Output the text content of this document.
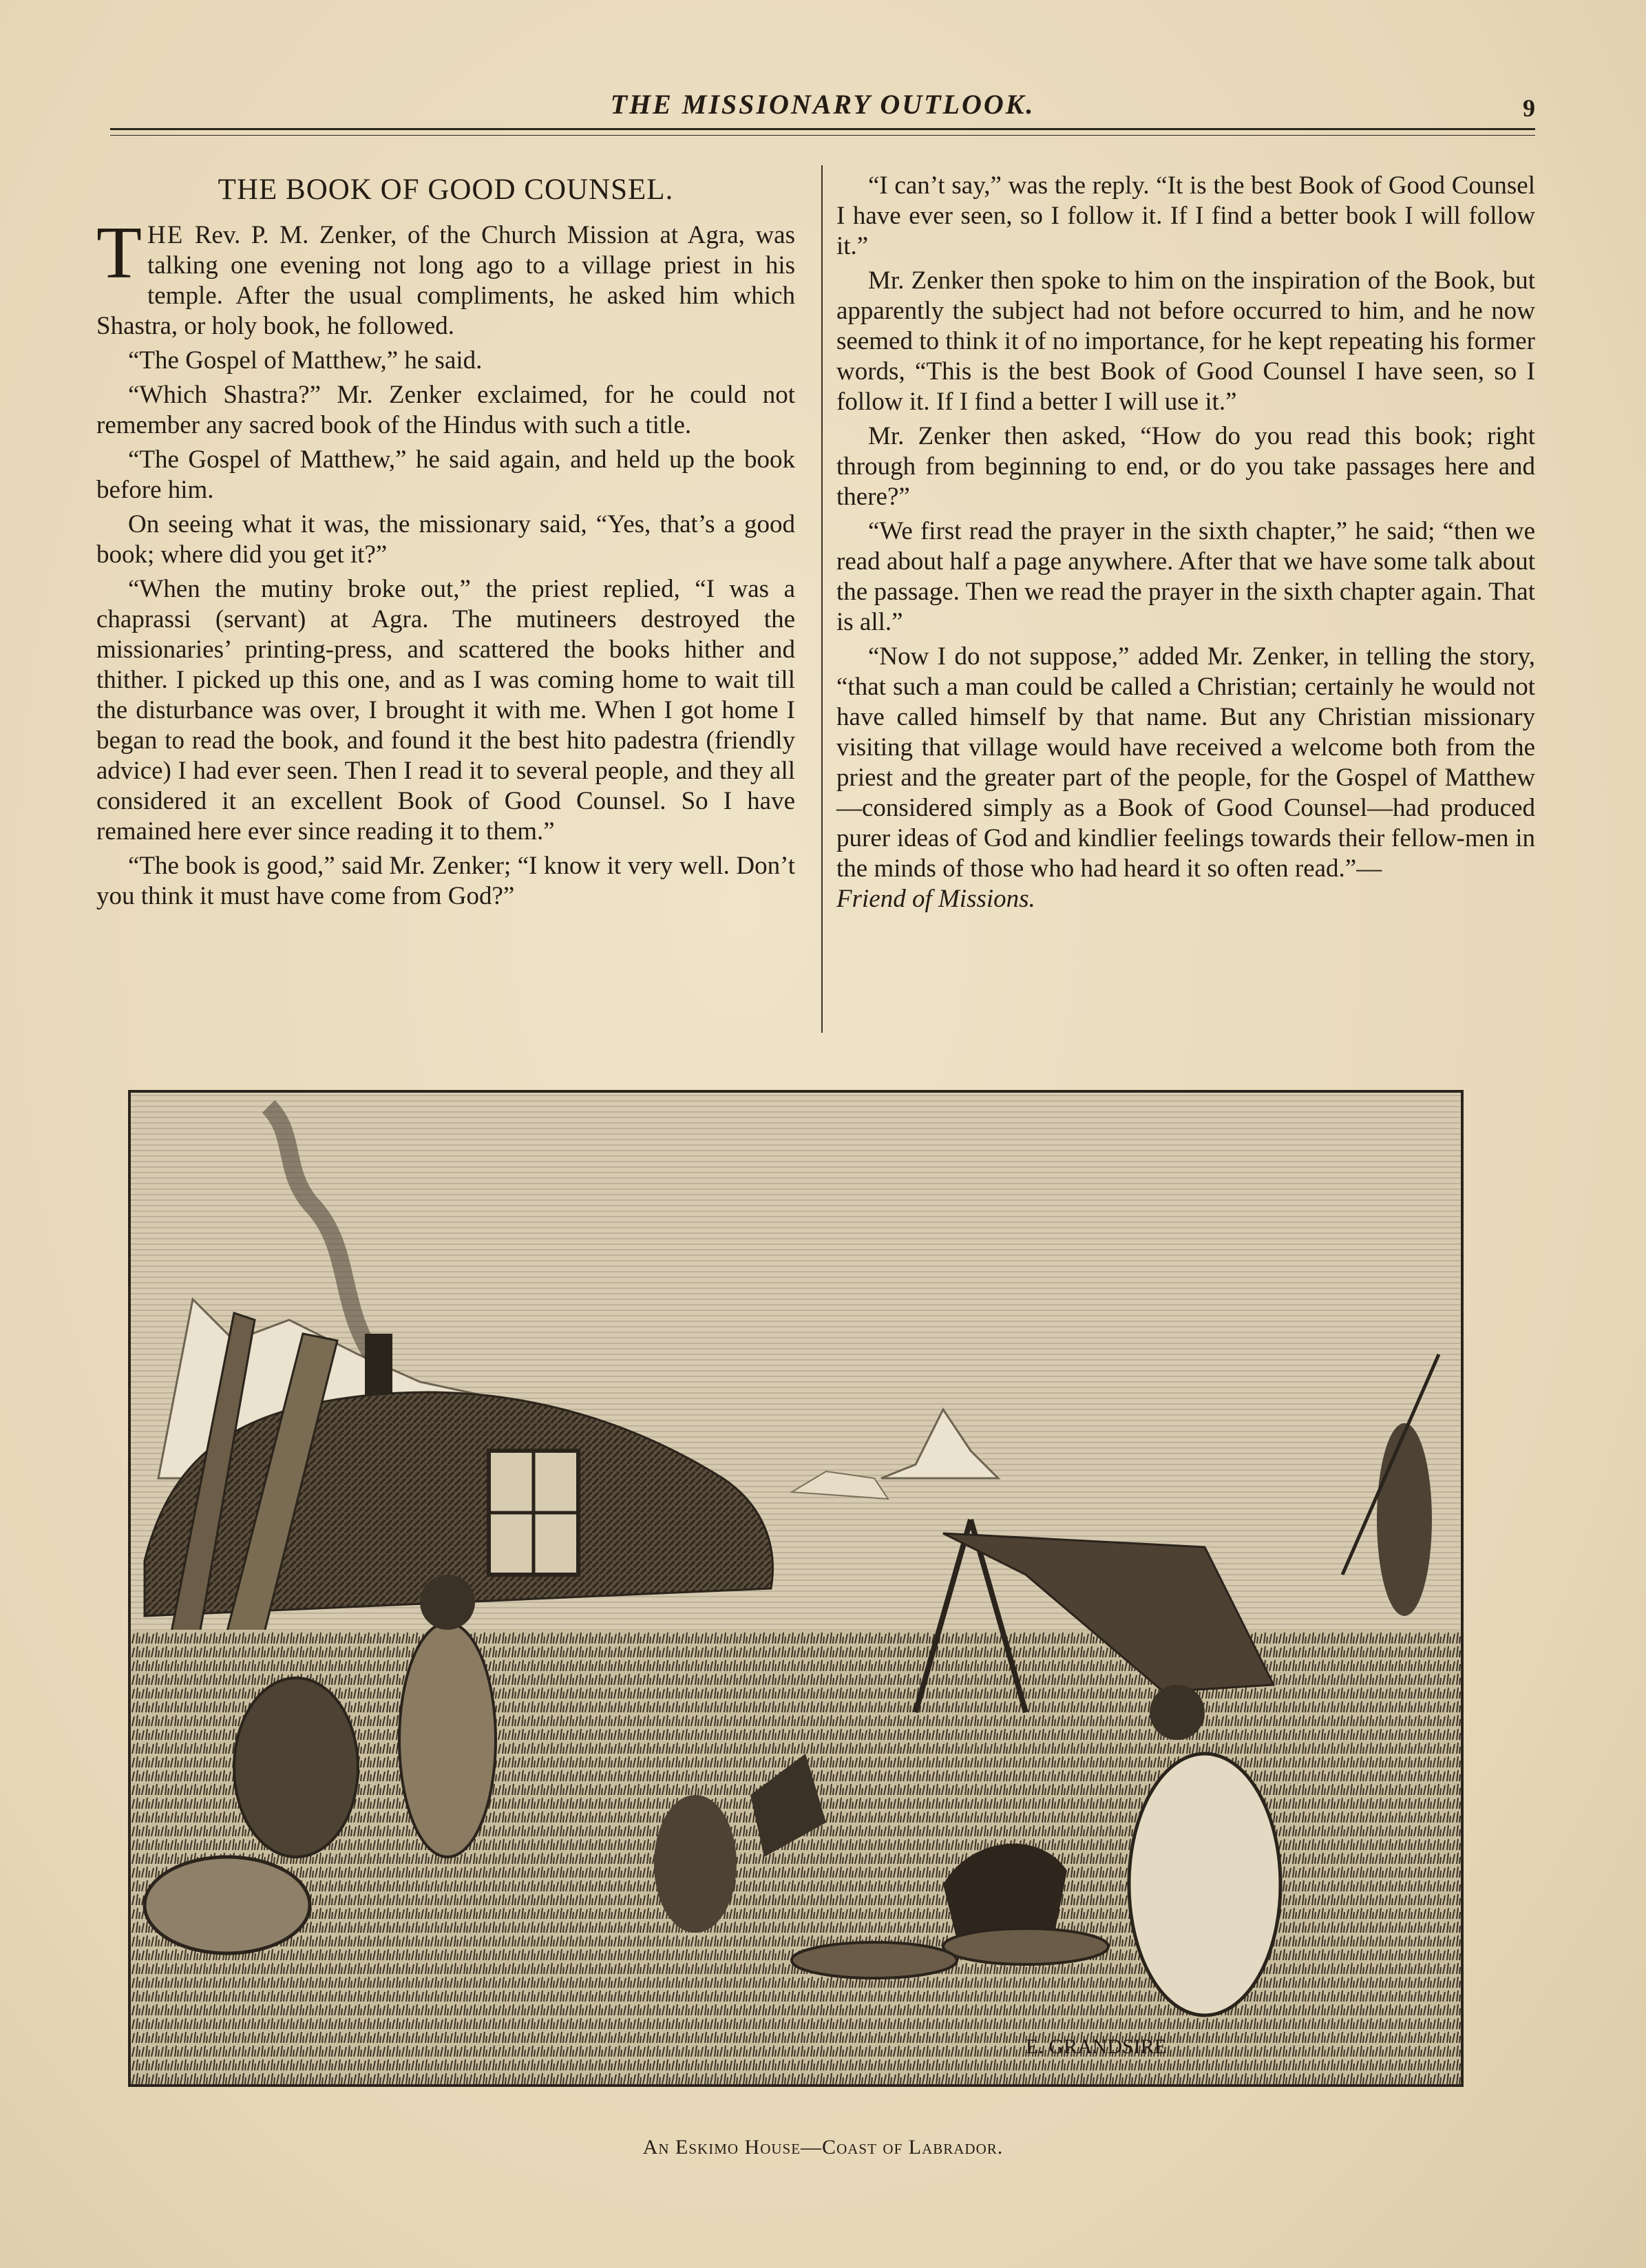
THE MISSIONARY OUTLOOK.	9
THE BOOK OF GOOD COUNSEL.

THE Rev. P. M. Zenker, of the Church Mission at Agra, was talking one evening not long ago to a village priest in his temple. After the usual compliments, he asked him which Shastra, or holy book, he followed.

“The Gospel of Matthew,” he said.

“Which Shastra?” Mr. Zenker exclaimed, for he could not remember any sacred book of the Hindus with such a title.

“The Gospel of Matthew,” he said again, and held up the book before him.

On seeing what it was, the missionary said, “Yes, that’s a good book; where did you get it?”

“When the mutiny broke out,” the priest replied, “I was a chaprassi (servant) at Agra. The mutineers destroyed the missionaries’ printing-press, and scattered the books hither and thither. I picked up this one, and as I was coming home to wait till the disturbance was over, I brought it with me. When I got home I began to read the book, and found it the best hito padestra (friendly advice) I had ever seen. Then I read it to several people, and they all considered it an excellent Book of Good Counsel. So I have remained here ever since reading it to them.”

“The book is good,” said Mr. Zenker; “I know it very well. Don’t you think it must have come from God?”

“I can’t say,” was the reply. “It is the best Book of Good Counsel I have ever seen, so I follow it. If I find a better book I will follow it.”

Mr. Zenker then spoke to him on the inspiration of the Book, but apparently the subject had not before occurred to him, and he now seemed to think it of no importance, for he kept repeating his former words, “This is the best Book of Good Counsel I have seen, so I follow it. If I find a better I will use it.”

Mr. Zenker then asked, “How do you read this book; right through from beginning to end, or do you take passages here and there?”

“We first read the prayer in the sixth chapter,” he said; “then we read about half a page anywhere. After that we have some talk about the passage. Then we read the prayer in the sixth chapter again. That is all.”

“Now I do not suppose,” added Mr. Zenker, in telling the story, “that such a man could be called a Christian; certainly he would not have called himself by that name. But any Christian missionary visiting that village would have received a welcome both from the priest and the greater part of the people, for the Gospel of Matthew—considered simply as a Book of Good Counsel—had produced purer ideas of God and kindlier feelings towards their fellow-men in the minds of those who had heard it so often read.”—

Friend of Missions.

E. GRANDSIRE
An Eskimo House—Coast of Labrador.
